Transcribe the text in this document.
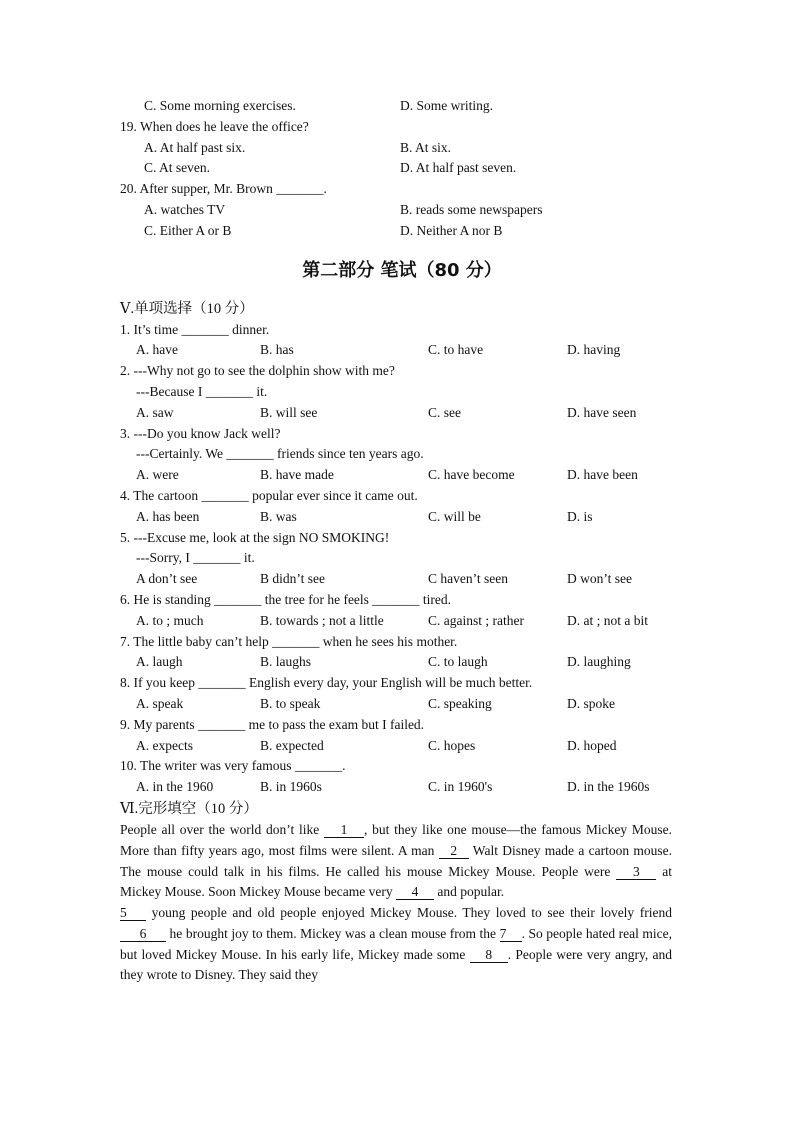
C. Some morning exercises.	D. Some writing.
19. When does he leave the office?
A. At half past six.	B. At six.
C. At seven.	D. At half past seven.
20. After supper, Mr. Brown _______.
A. watches TV	B. reads some newspapers
C. Either A or B	D. Neither A nor B
第二部分 笔试（80 分）
Ⅴ.单项选择（10 分）
1. It’s time _______ dinner.
A. have	B. has	C. to have	D. having
2. ---Why not go to see the dolphin show with me?
---Because I _______ it.
A. saw	B. will see	C. see	D. have seen
3. ---Do you know Jack well?
---Certainly. We _______ friends since ten years ago.
A. were	B. have made	C. have become	D. have been
4. The cartoon _______ popular ever since it came out.
A. has been	B. was	C. will be	D. is
5. ---Excuse me, look at the sign NO SMOKING!
---Sorry, I _______ it.
A don’t see	B didn’t see	C haven’t seen	D won’t see
6. He is standing _______ the tree for he feels _______ tired.
A. to ; much	B. towards ; not a little	C. against ; rather	D. at ; not a bit
7. The little baby can’t help _______ when he sees his mother.
A. laugh	B. laughs	C. to laugh	D. laughing
8. If you keep _______ English every day, your English will be much better.
A. speak	B. to speak	C. speaking	D. spoke
9. My parents _______ me to pass the exam but I failed.
A. expects	B. expected	C. hopes	D. hoped
10. The writer was very famous _______.
A. in the 1960	B. in 1960s	C. in 1960's	D. in the 1960s
Ⅵ.完形填空（10 分）
People all over the world don’t like 1 , but they like one mouse—the famous Mickey Mouse. More than fifty years ago, most films were silent. A man 2 Walt Disney made a cartoon mouse. The mouse could talk in his films. He called his mouse Mickey Mouse. People were 3 at Mickey Mouse. Soon Mickey Mouse became very 4 and popular.
5 young people and old people enjoyed Mickey Mouse. They loved to see their lovely friend 6 he brought joy to them. Mickey was a clean mouse from the 7 . So people hated real mice, but loved Mickey Mouse. In his early life, Mickey made some 8 . People were very angry, and they wrote to Disney. They said they
